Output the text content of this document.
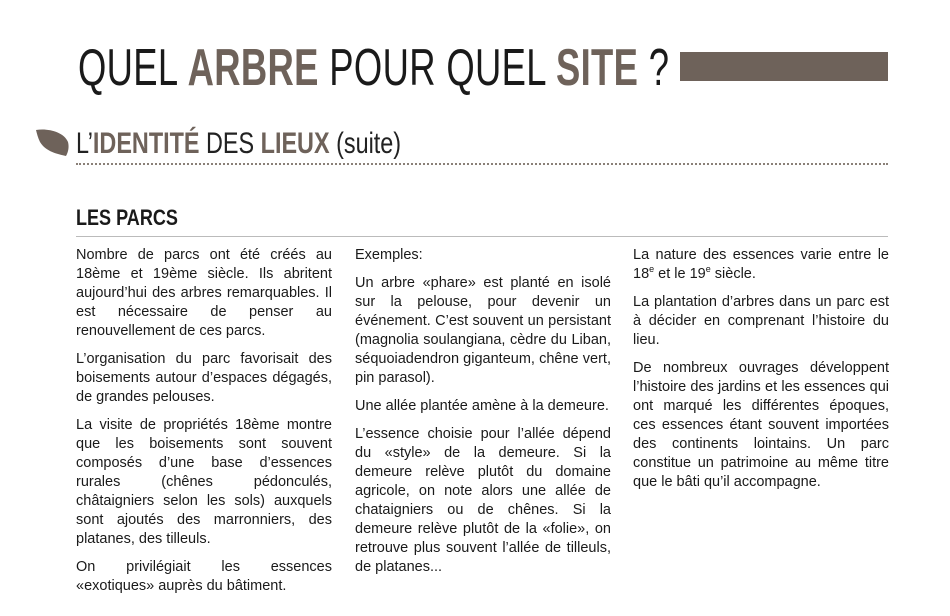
QUEL ARBRE POUR QUEL SITE ?
L’IDENTITÉ DES LIEUX (suite)
LES PARCS

Nombre de parcs ont été créés au 18ème et 19ème siècle. Ils abritent aujourd’hui des arbres remarquables. Il est nécessaire de penser au renouvellement de ces parcs.

L’organisation du parc favorisait des boisements autour d’espaces dégagés, de grandes pelouses.

La visite de propriétés 18ème montre que les boisements sont souvent composés d’une base d’essences rurales (chênes pédonculés, châtaigniers selon les sols) auxquels sont ajoutés des marronniers, des platanes, des tilleuls.

On privilégiait les essences «exotiques» auprès du bâtiment.

Exemples:

Un arbre «phare» est planté en isolé sur la pelouse, pour devenir un événement. C’est souvent un persistant (magnolia soulangiana, cèdre du Liban, séquoiadendron giganteum, chêne vert, pin parasol).

Une allée plantée amène à la demeure.

L’essence choisie pour l’allée dépend du «style» de la demeure. Si la demeure relève plutôt du domaine agricole, on note alors une allée de chataigniers ou de chênes. Si la demeure relève plutôt de la «folie», on retrouve plus souvent l’allée de tilleuls, de platanes...

La nature des essences varie entre le 18e et le 19e siècle.

La plantation d’arbres dans un parc est à décider en comprenant l’histoire du lieu.

De nombreux ouvrages développent l’histoire des jardins et les essences qui ont marqué les différentes époques, ces essences étant souvent importées des continents lointains. Un parc constitue un patrimoine au même titre que le bâti qu’il accompagne.
